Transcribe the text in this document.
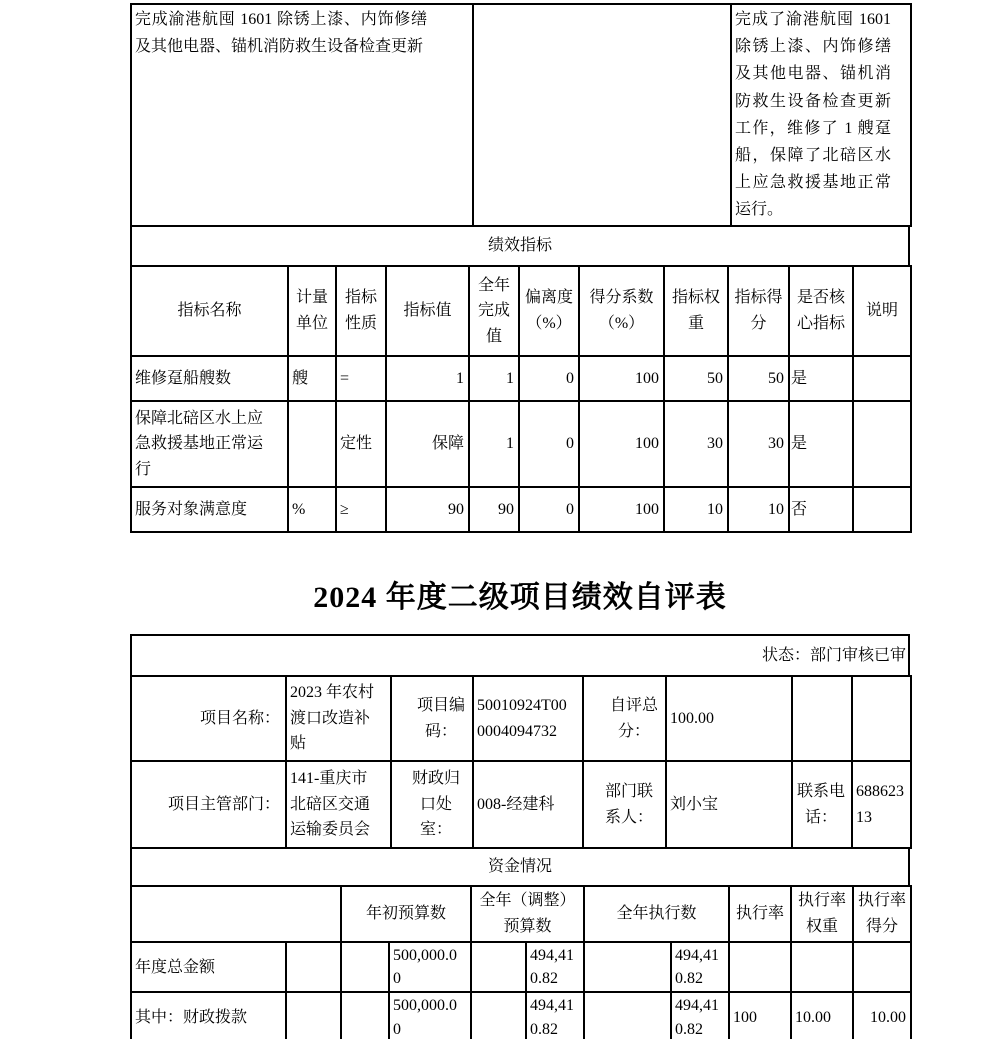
完成渝港航囤 1601 除锈上漆、内饰修缮及其他电器、锚机消防救生设备检查更新		完成了渝港航囤 1601 除锈上漆、内饰修缮及其他电器、锚机消防救生设备检查更新工作，维修了 1 艘趸船，保障了北碚区水上应急救援基地正常运行。
绩效指标
指标名称	计量单位	指标性质	指标值	全年完成值	偏离度（%）	得分系数（%）	指标权重	指标得分	是否核心指标	说明
维修趸船艘数	艘	=	1	1	0	100	50	50	是	
保障北碚区水上应急救援基地正常运行		定性	保障	1	0	100	30	30	是	
服务对象满意度	%	≥	90	90	0	100	10	10	否	
2024 年度二级项目绩效自评表
状态：部门审核已审
项目名称：	2023 年农村渡口改造补贴	项目编码：	50010924T000004094732	自评总分：	100.00		
项目主管部门：	141-重庆市北碚区交通运输委员会	财政归口处室：	008-经建科	部门联系人：	刘小宝	联系电话：	68862313
资金情况
		年初预算数		全年（调整）预算数		全年执行数		执行率	执行率权重	执行率得分
年度总金额			500,000.00		494,410.82		494,410.82			
其中：财政拨款			500,000.00		494,410.82		494,410.82	100	10.00	10.00
